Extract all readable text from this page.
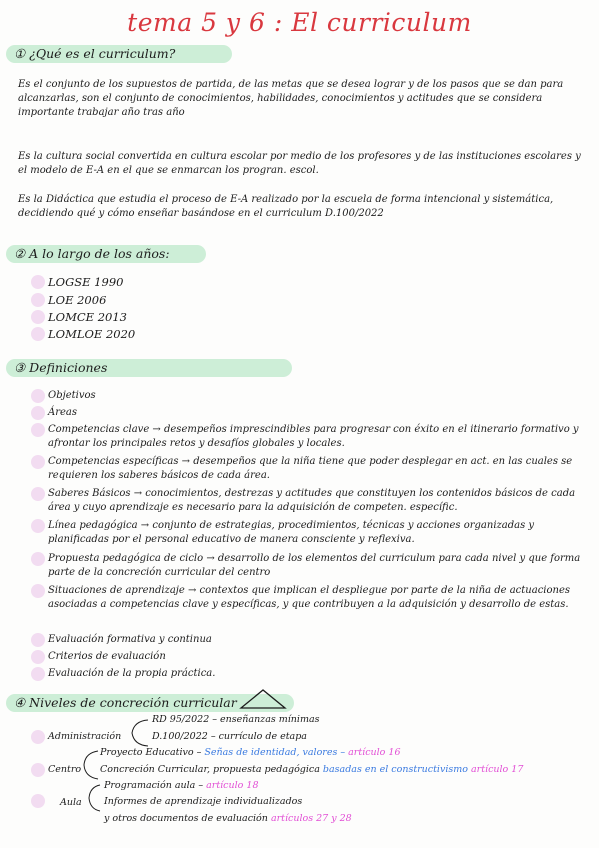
tema 5 y 6 : El curriculum
① ¿Qué es el curriculum?

Es el conjunto de los supuestos de partida, de las metas que se desea lograr y de los pasos que se dan para alcanzarlas, son el conjunto de conocimientos, habilidades, conocimientos y actitudes que se considera importante trabajar año tras año

Es la cultura social convertida en cultura escolar por medio de los profesores y de las instituciones escolares y el modelo de E-A en el que se enmarcan los progran. escol.

Es la Didáctica que estudia el proceso de E-A realizado por la escuela de forma intencional y sistemática, decidiendo qué y cómo enseñar basándose en el curriculum D.100/2022

② A lo largo de los años:
LOGSE 1990
LOE 2006
LOMCE 2013
LOMLOE 2020
③ Definiciones
Objetivos
Áreas
Competencias clave → desempeños imprescindibles para progresar con éxito en el itinerario formativo y afrontar los principales retos y desafíos globales y locales.
Competencias específicas → desempeños que la niña tiene que poder desplegar en act. en las cuales se requieren los saberes básicos de cada área.
Saberes Básicos → conocimientos, destrezas y actitudes que constituyen los contenidos básicos de cada área y cuyo aprendizaje es necesario para la adquisición de competen. específic.
Línea pedagógica → conjunto de estrategias, procedimientos, técnicas y acciones organizadas y planificadas por el personal educativo de manera consciente y reflexiva.
Propuesta pedagógica de ciclo → desarrollo de los elementos del curriculum para cada nivel y que forma parte de la concreción curricular del centro
Situaciones de aprendizaje → contextos que implican el despliegue por parte de la niña de actuaciones asociadas a competencias clave y específicas, y que contribuyen a la adquisición y desarrollo de estas.
Evaluación formativa y continua
Criterios de evaluación
Evaluación de la propia práctica.
④ Niveles de concreción curricular
Administración
RD 95/2022 – enseñanzas mínimas
D.100/2022 – currículo de etapa
Centro
Proyecto Educativo – Señas de identidad, valores – artículo 16
Concreción Curricular, propuesta pedagógica basadas en el constructivismo artículo 17
Aula
Programación aula – artículo 18
Informes de aprendizaje individualizados
y otros documentos de evaluación artículos 27 y 28
